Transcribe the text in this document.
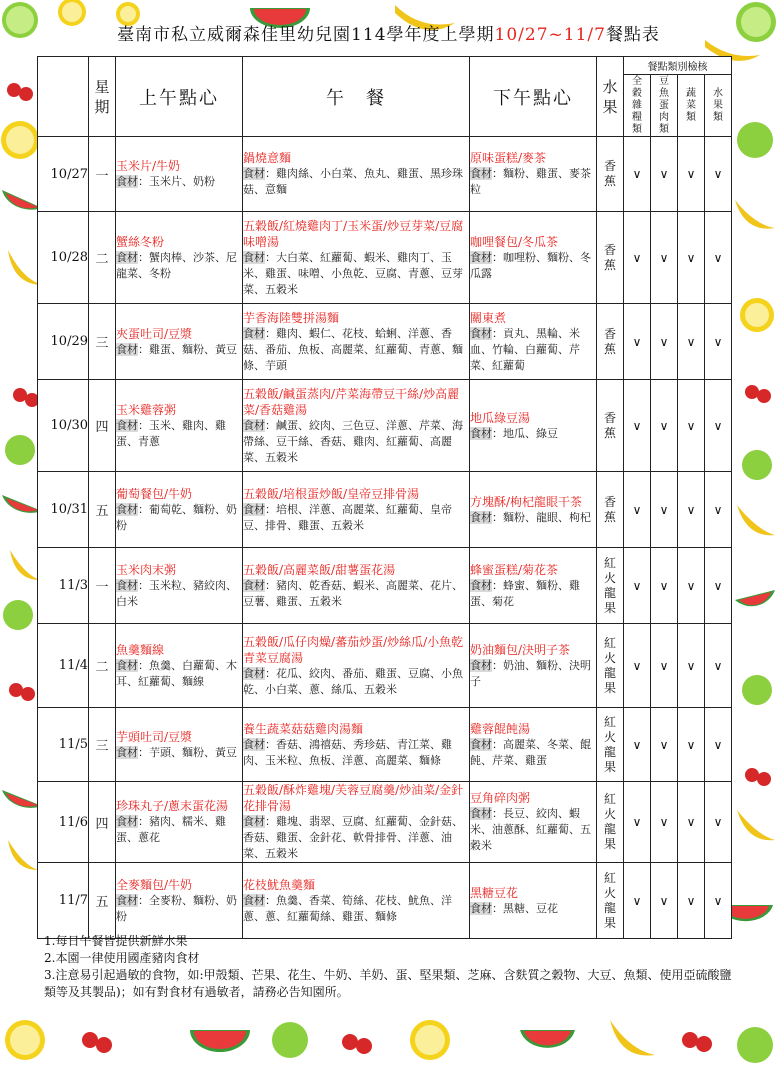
臺南市私立威爾森佳里幼兒園114學年度上學期10/27~11/7餐點表

	星期	上午點心	午　餐	下午點心	水果	餐點類別檢核			

						全穀雜糧類	豆魚蛋肉類	蔬菜類	水果類

10/27	一	玉米片/牛奶
食材：玉米片、奶粉	鍋燒意麵
食材：雞肉絲、小白菜、魚丸、雞蛋、黑珍珠菇、意麵	原味蛋糕/麥茶
食材：麵粉、雞蛋、麥茶粒	香蕉	∨	∨	∨	∨
10/28	二	蟹絲冬粉
食材：蟹肉棒、沙茶、尼龍菜、冬粉	五穀飯/紅燒雞肉丁/玉米蛋/炒豆芽菜/豆腐味噌湯
食材：大白菜、紅蘿蔔、蝦米、雞肉丁、玉米、雞蛋、味噌、小魚乾、豆腐、青蔥、豆芽菜、五穀米	咖哩餐包/冬瓜茶
食材：咖哩粉、麵粉、冬瓜露	香蕉	∨	∨	∨	∨
10/29	三	夾蛋吐司/豆漿
食材：雞蛋、麵粉、黃豆	芋香海陸雙拼湯麵
食材：雞肉、蝦仁、花枝、蛤蜊、洋蔥、香菇、番茄、魚板、高麗菜、紅蘿蔔、青蔥、麵條、芋頭	關東煮
食材：貢丸、黑輪、米血、竹輪、白蘿蔔、芹菜、紅蘿蔔	香蕉	∨	∨	∨	∨
10/30	四	玉米雞蓉粥
食材：玉米、雞肉、雞蛋、青蔥	五穀飯/鹹蛋蒸肉/芹菜海帶豆干絲/炒高麗菜/香菇雞湯
食材：鹹蛋、絞肉、三色豆、洋蔥、芹菜、海帶絲、豆干絲、香菇、雞肉、紅蘿蔔、高麗菜、五穀米	地瓜綠豆湯
食材：地瓜、綠豆	香蕉	∨	∨	∨	∨
10/31	五	葡萄餐包/牛奶
食材：葡萄乾、麵粉、奶粉	五穀飯/培根蛋炒飯/皇帝豆排骨湯
食材：培根、洋蔥、高麗菜、紅蘿蔔、皇帝豆、排骨、雞蛋、五穀米	方塊酥/枸杞龍眼干茶
食材：麵粉、龍眼、枸杞	香蕉	∨	∨	∨	∨
11/3	一	玉米肉末粥
食材：玉米粒、豬絞肉、白米	五穀飯/高麗菜飯/甜薯蛋花湯
食材：豬肉、乾香菇、蝦米、高麗菜、花片、豆薯、雞蛋、五穀米	蜂蜜蛋糕/菊花茶
食材：蜂蜜、麵粉、雞蛋、菊花	紅火龍果	∨	∨	∨	∨
11/4	二	魚羹麵線
食材：魚羹、白蘿蔔、木耳、紅蘿蔔、麵線	五穀飯/瓜仔肉燥/蕃茄炒蛋/炒絲瓜/小魚乾青菜豆腐湯
食材：花瓜、絞肉、番茄、雞蛋、豆腐、小魚乾、小白菜、蔥、絲瓜、五穀米	奶油麵包/決明子茶
食材：奶油、麵粉、決明子	紅火龍果	∨	∨	∨	∨
11/5	三	芋頭吐司/豆漿
食材：芋頭、麵粉、黃豆	養生蔬菜菇菇雞肉湯麵
食材：香菇、鴻禧菇、秀珍菇、青江菜、雞肉、玉米粒、魚板、洋蔥、高麗菜、麵條	雞蓉餛飩湯
食材：高麗菜、冬菜、餛飩、芹菜、雞蛋	紅火龍果	∨	∨	∨	∨
11/6	四	珍珠丸子/蔥末蛋花湯
食材：豬肉、糯米、雞蛋、蔥花	五穀飯/酥炸雞塊/芙蓉豆腐羹/炒油菜/金針花排骨湯
食材：雞塊、翡翠、豆腐、紅蘿蔔、金針菇、香菇、雞蛋、金針花、軟骨排骨、洋蔥、油菜、五穀米	豆角碎肉粥
食材：長豆、絞肉、蝦米、油蔥酥、紅蘿蔔、五穀米	紅火龍果	∨	∨	∨	∨
11/7	五	全麥麵包/牛奶
食材：全麥粉、麵粉、奶粉	花枝魷魚羹麵
食材：魚羹、香菜、筍絲、花枝、魷魚、洋蔥、蔥、紅蘿蔔絲、雞蛋、麵條	黑糖豆花
食材：黑糖、豆花	紅火龍果	∨	∨	∨	∨
1.每日午餐皆提供新鮮水果
2.本園一律使用國產豬肉食材
3.注意易引起過敏的食物，如:甲殼類、芒果、花生、牛奶、羊奶、蛋、堅果類、芝麻、含麩質之穀物、大豆、魚類、使用亞硫酸鹽類等及其製品)；如有對食材有過敏者，請務必告知園所。
